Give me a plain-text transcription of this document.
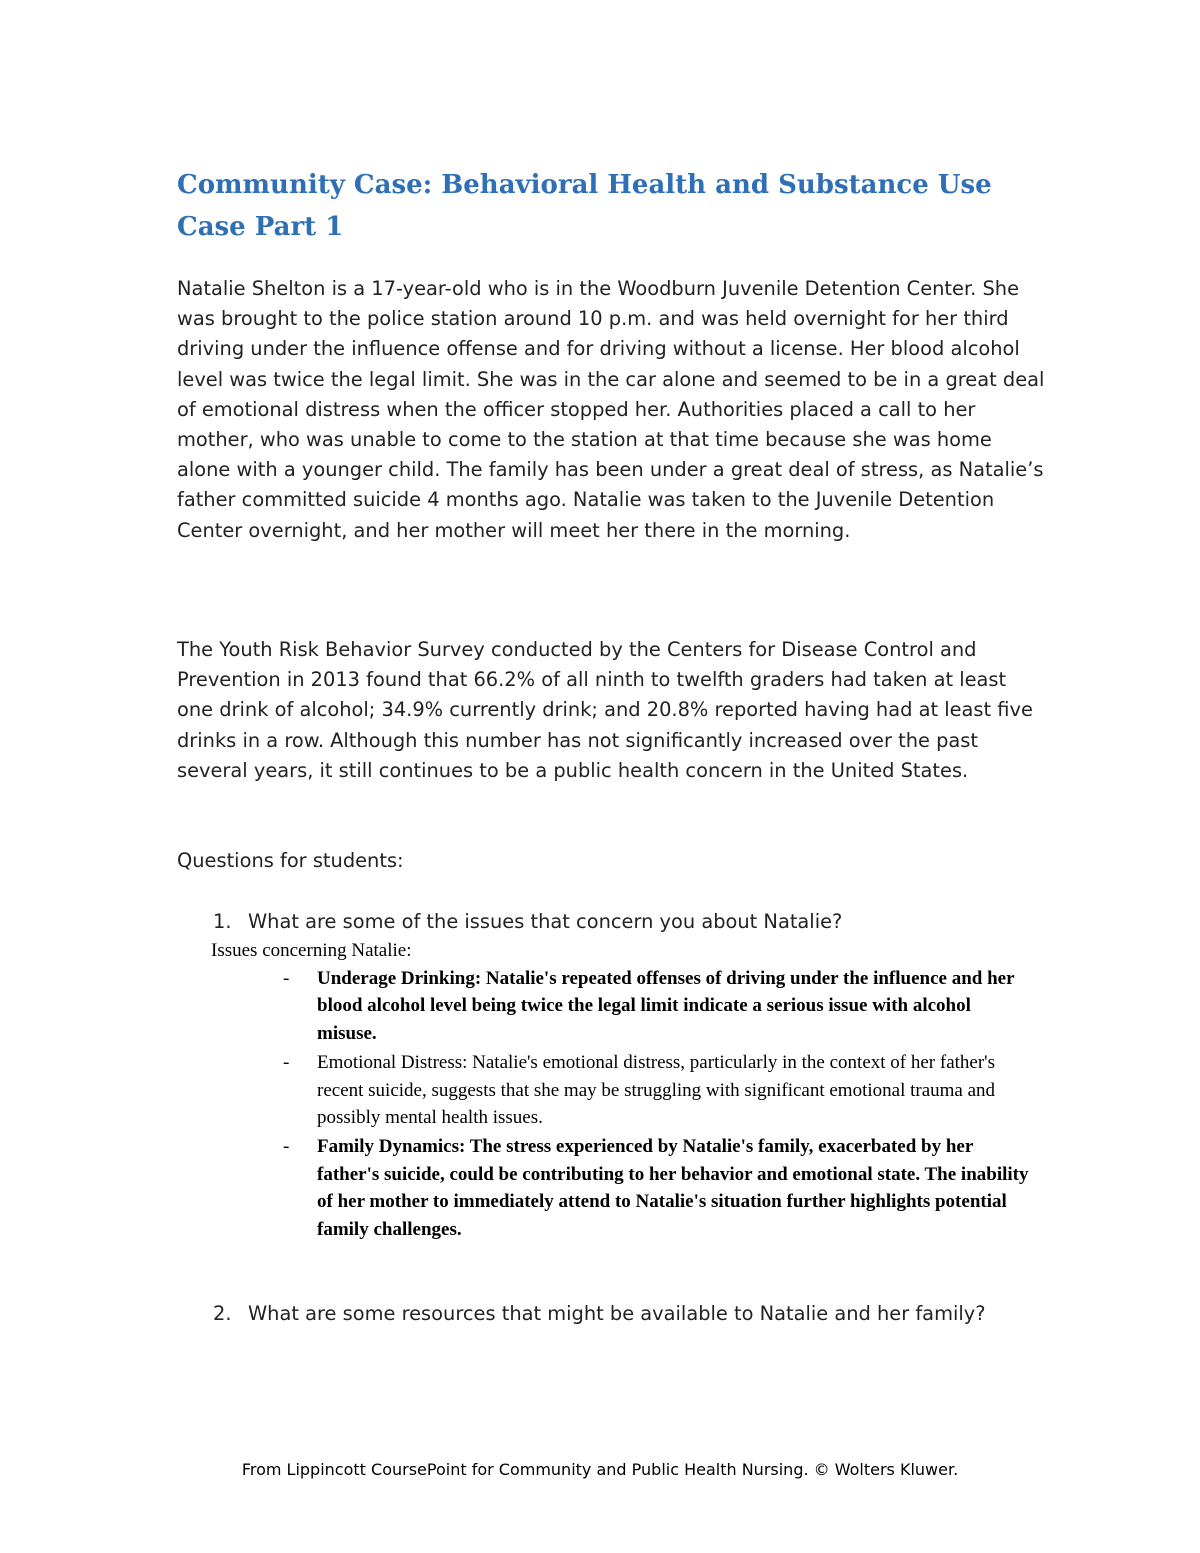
Community Case: Behavioral Health and Substance Use Case Part 1

Natalie Shelton is a 17-year-old who is in the Woodburn Juvenile Detention Center. She was brought to the police station around 10 p.m. and was held overnight for her third driving under the influence offense and for driving without a license. Her blood alcohol level was twice the legal limit. She was in the car alone and seemed to be in a great deal of emotional distress when the officer stopped her. Authorities placed a call to her mother, who was unable to come to the station at that time because she was home alone with a younger child. The family has been under a great deal of stress, as Natalie’s father committed suicide 4 months ago. Natalie was taken to the Juvenile Detention Center overnight, and her mother will meet her there in the morning.

The Youth Risk Behavior Survey conducted by the Centers for Disease Control and Prevention in 2013 found that 66.2% of all ninth to twelfth graders had taken at least one drink of alcohol; 34.9% currently drink; and 20.8% reported having had at least five drinks in a row. Although this number has not significantly increased over the past several years, it still continues to be a public health concern in the United States.

Questions for students:

1. What are some of the issues that concern you about Natalie?

Issues concerning Natalie:

- Underage Drinking: Natalie's repeated offenses of driving under the influence and her blood alcohol level being twice the legal limit indicate a serious issue with alcohol misuse.
- Emotional Distress: Natalie's emotional distress, particularly in the context of her father's recent suicide, suggests that she may be struggling with significant emotional trauma and possibly mental health issues.
- Family Dynamics: The stress experienced by Natalie's family, exacerbated by her father's suicide, could be contributing to her behavior and emotional state. The inability of her mother to immediately attend to Natalie's situation further highlights potential family challenges.
2. What are some resources that might be available to Natalie and her family?

From Lippincott CoursePoint for Community and Public Health Nursing. © Wolters Kluwer.
